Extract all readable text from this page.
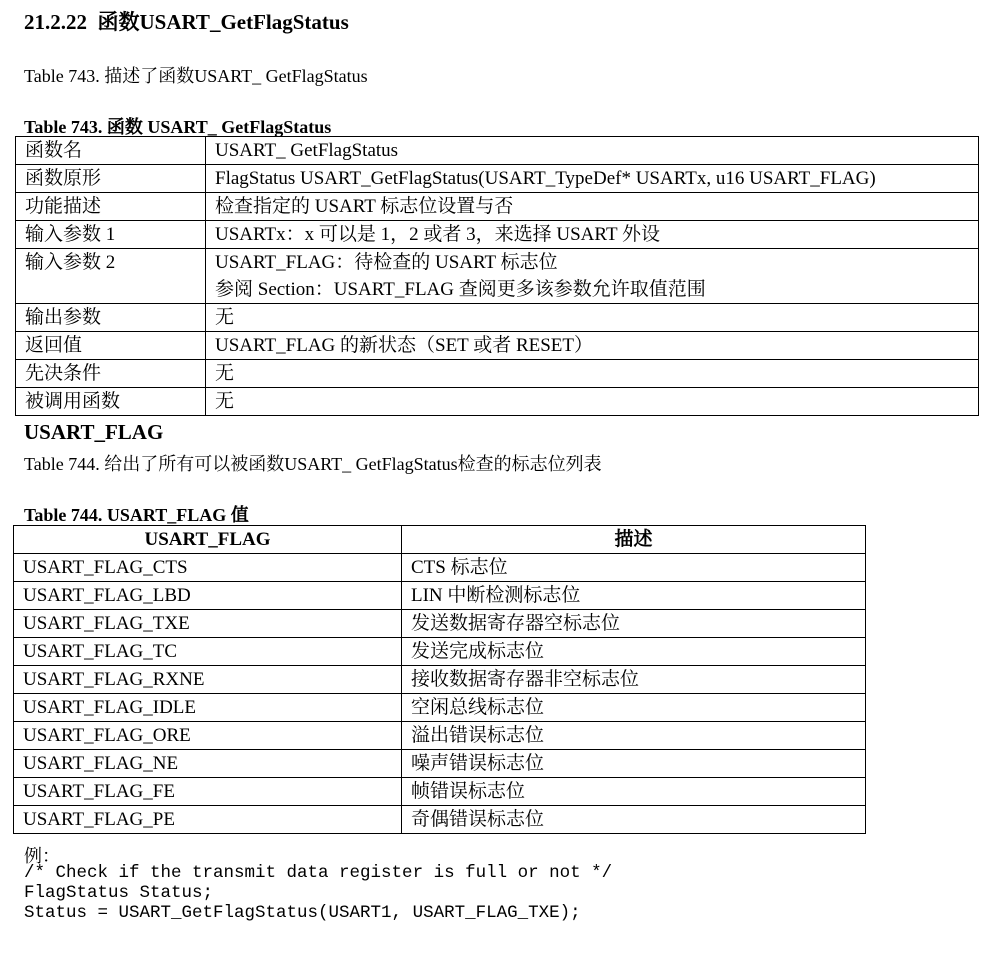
21.2.22 函数USART_GetFlagStatus
Table 743. 描述了函数USART_ GetFlagStatus
Table 743. 函数 USART_ GetFlagStatus
函数名	USART_ GetFlagStatus

函数原形	FlagStatus USART_GetFlagStatus(USART_TypeDef* USARTx, u16 USART_FLAG)

功能描述	检查指定的 USART 标志位设置与否

输入参数 1	USARTx：x 可以是 1，2 或者 3，来选择 USART 外设

输入参数 2	USART_FLAG：待检查的 USART 标志位
参阅 Section：USART_FLAG 查阅更多该参数允许取值范围

输出参数	无

返回值	USART_FLAG 的新状态（SET 或者 RESET）

先决条件	无

被调用函数	无
USART_FLAG
Table 744. 给出了所有可以被函数USART_ GetFlagStatus检查的标志位列表
Table 744. USART_FLAG 值
USART_FLAG	描述
USART_FLAG_CTS	CTS 标志位
USART_FLAG_LBD	LIN 中断检测标志位
USART_FLAG_TXE	发送数据寄存器空标志位
USART_FLAG_TC	发送完成标志位
USART_FLAG_RXNE	接收数据寄存器非空标志位
USART_FLAG_IDLE	空闲总线标志位
USART_FLAG_ORE	溢出错误标志位
USART_FLAG_NE	噪声错误标志位
USART_FLAG_FE	帧错误标志位
USART_FLAG_PE	奇偶错误标志位
例：
/* Check if the transmit data register is full or not */
FlagStatus Status;
Status = USART_GetFlagStatus(USART1, USART_FLAG_TXE);
